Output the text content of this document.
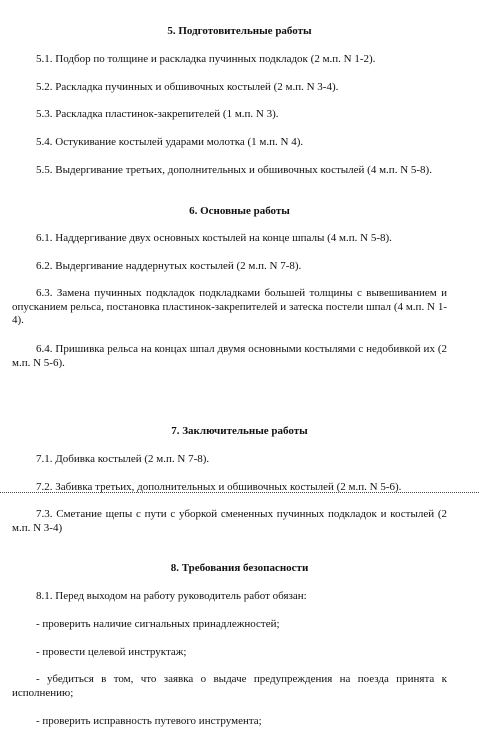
5. Подготовительные работы
5.1. Подбор по толщине и раскладка пучинных подкладок (2 м.п. N 1-2).
5.2. Раскладка пучинных и обшивочных костылей (2 м.п. N 3-4).
5.3. Раскладка пластинок-закрепителей (1 м.п. N 3).
5.4. Остукивание костылей ударами молотка (1 м.п. N 4).
5.5. Выдергивание третьих, дополнительных и обшивочных костылей (4 м.п. N 5-8).
6. Основные работы
6.1. Наддергивание двух основных костылей на конце шпалы (4 м.п. N 5-8).
6.2. Выдергивание наддернутых костылей (2 м.п. N 7-8).
6.3. Замена пучинных подкладок подкладками большей толщины с вывешиванием и опусканием рельса, постановка пластинок-закрепителей и затеска постели шпал (4 м.п. N 1-4).
6.4. Пришивка рельса на концах шпал двумя основными костылями с недобивкой их (2 м.п. N 5-6).
7. Заключительные работы
7.1. Добивка костылей (2 м.п. N 7-8).
7.2. Забивка третьих, дополнительных и обшивочных костылей (2 м.п. N 5-6).
7.3. Сметание щепы с пути с уборкой смененных пучинных подкладок и костылей (2 м.п. N 3-4)
8. Требования безопасности
8.1. Перед выходом на работу руководитель работ обязан:
- проверить наличие сигнальных принадлежностей;
- провести целевой инструктаж;
- убедиться в том, что заявка о выдаче предупреждения на поезда принята к исполнению;
- проверить исправность путевого инструмента;
